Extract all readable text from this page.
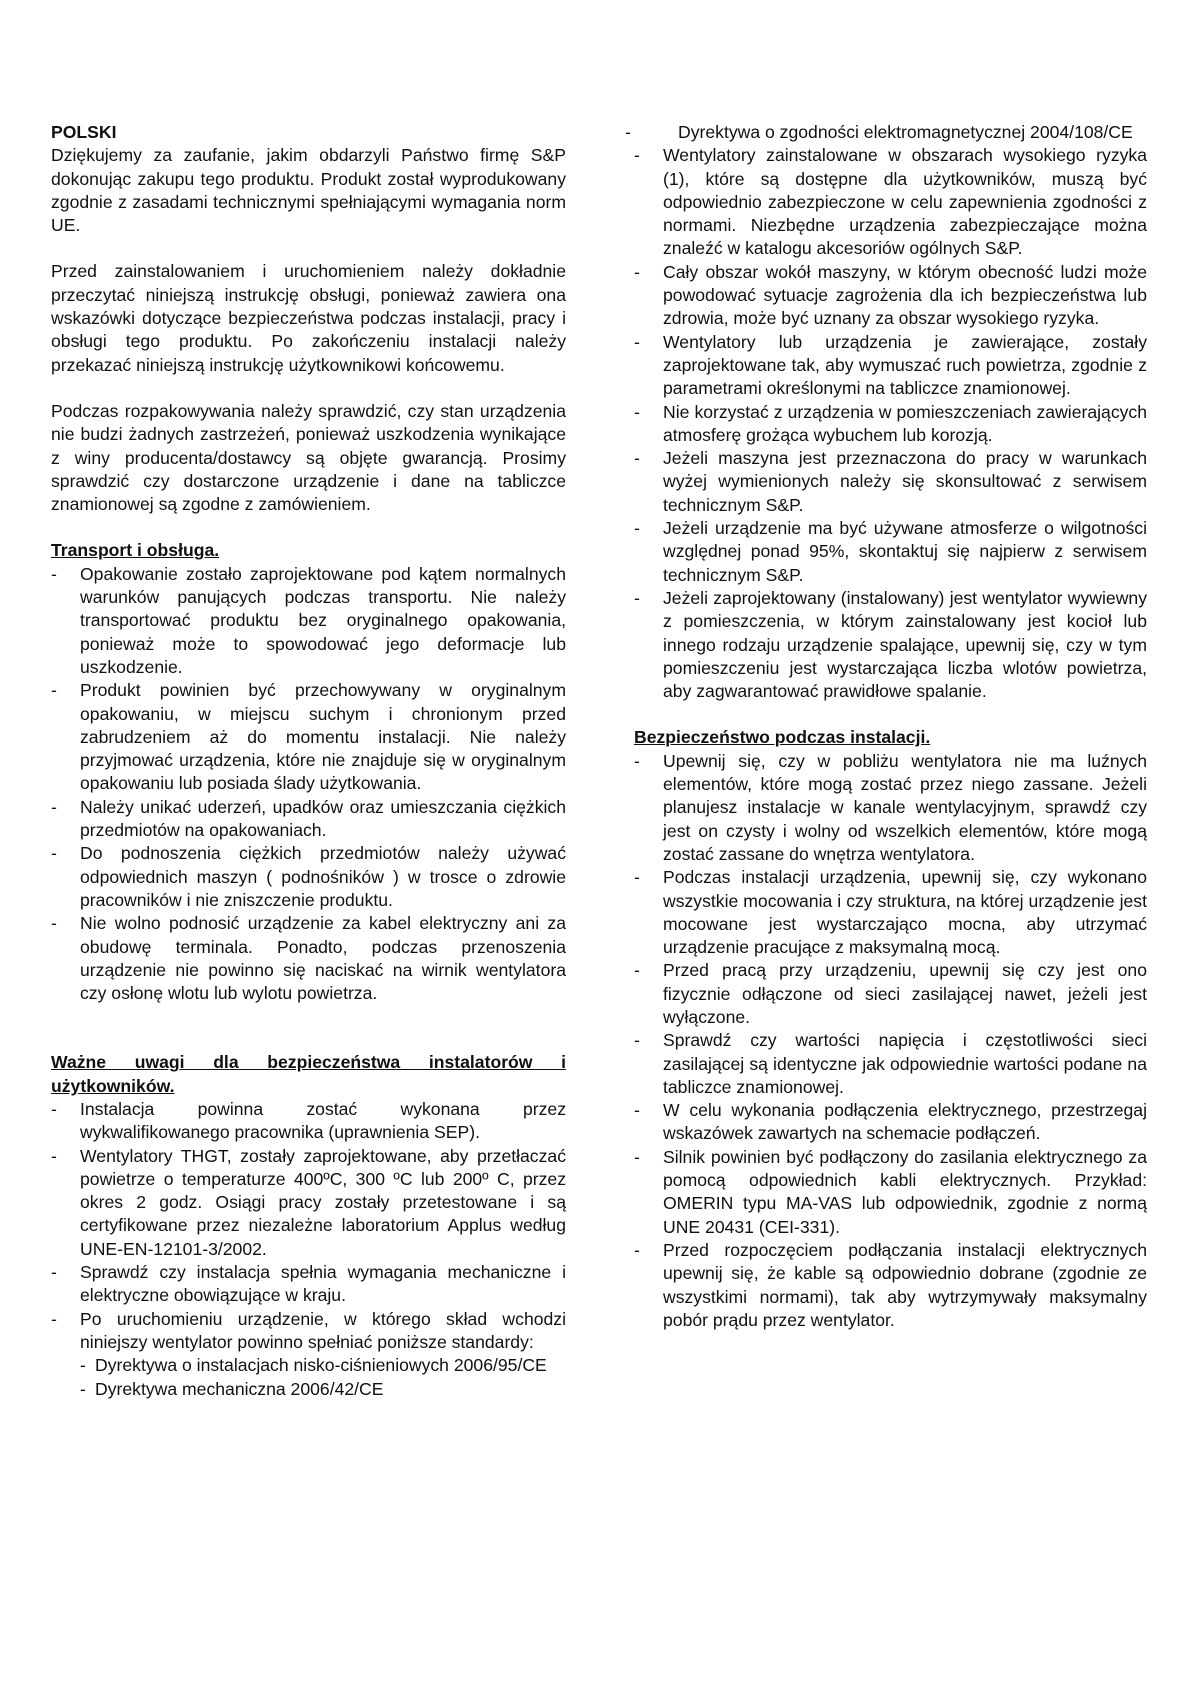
POLSKI

Dziękujemy za zaufanie, jakim obdarzyli Państwo firmę S&P dokonując zakupu tego produktu. Produkt został wyprodukowany zgodnie z zasadami technicznymi spełniającymi wymagania norm UE.

Przed zainstalowaniem i uruchomieniem należy dokładnie przeczytać niniejszą instrukcję obsługi, ponieważ zawiera ona wskazówki dotyczące bezpieczeństwa podczas instalacji, pracy i obsługi tego produktu. Po zakończeniu instalacji należy przekazać niniejszą instrukcję użytkownikowi końcowemu.

Podczas rozpakowywania należy sprawdzić, czy stan urządzenia nie budzi żadnych zastrzeżeń, ponieważ uszkodzenia wynikające z winy producenta/dostawcy są objęte gwarancją. Prosimy sprawdzić czy dostarczone urządzenie i dane na tabliczce znamionowej są zgodne z zamówieniem.

Transport i obsługa.

- Opakowanie zostało zaprojektowane pod kątem normalnych warunków panujących podczas transportu. Nie należy transportować produktu bez oryginalnego opakowania, ponieważ może to spowodować jego deformacje lub uszkodzenie.

- Produkt powinien być przechowywany w oryginalnym opakowaniu, w miejscu suchym i chronionym przed zabrudzeniem aż do momentu instalacji. Nie należy przyjmować urządzenia, które nie znajduje się w oryginalnym opakowaniu lub posiada ślady użytkowania.

- Należy unikać uderzeń, upadków oraz umieszczania ciężkich przedmiotów na opakowaniach.

- Do podnoszenia ciężkich przedmiotów należy używać odpowiednich maszyn ( podnośników ) w trosce o zdrowie pracowników i nie zniszczenie produktu.

- Nie wolno podnosić urządzenie za kabel elektryczny ani za obudowę terminala. Ponadto, podczas przenoszenia urządzenie nie powinno się naciskać na wirnik wentylatora czy osłonę wlotu lub wylotu powietrza.

Ważne uwagi dla bezpieczeństwa instalatorów i użytkowników.

- Instalacja powinna zostać wykonana przez wykwalifikowanego pracownika (uprawnienia SEP).

- Wentylatory THGT, zostały zaprojektowane, aby przetłaczać powietrze o temperaturze 400ºC, 300 ºC lub 200º C, przez okres 2 godz. Osiągi pracy zostały przetestowane i są certyfikowane przez niezależne laboratorium Applus według UNE-EN-12101-3/2002.

- Sprawdź czy instalacja spełnia wymagania mechaniczne i elektryczne obowiązujące w kraju.

- Po uruchomieniu urządzenie, w którego skład wchodzi niniejszy wentylator powinno spełniać poniższe standardy:

- Dyrektywa o instalacjach nisko-ciśnieniowych 2006/95/CE

- Dyrektywa mechaniczna 2006/42/CE

-	Dyrektywa o zgodności elektromagnetycznej 2004/108/CE

- Wentylatory zainstalowane w obszarach wysokiego ryzyka (1), które są dostępne dla użytkowników, muszą być odpowiednio zabezpieczone w celu zapewnienia zgodności z normami. Niezbędne urządzenia zabezpieczające można znaleźć w katalogu akcesoriów ogólnych S&P.

- Cały obszar wokół maszyny, w którym obecność ludzi może powodować sytuacje zagrożenia dla ich bezpieczeństwa lub zdrowia, może być uznany za obszar wysokiego ryzyka.

- Wentylatory lub urządzenia je zawierające, zostały zaprojektowane tak, aby wymuszać ruch powietrza, zgodnie z parametrami określonymi na tabliczce znamionowej.

- Nie korzystać z urządzenia w pomieszczeniach zawierających atmosferę grożąca wybuchem lub korozją.

- Jeżeli maszyna jest przeznaczona do pracy w warunkach wyżej wymienionych należy się skonsultować z serwisem technicznym S&P.

- Jeżeli urządzenie ma być używane atmosferze o wilgotności względnej ponad 95%, skontaktuj się najpierw z serwisem technicznym S&P.

- Jeżeli zaprojektowany (instalowany) jest wentylator wywiewny z pomieszczenia, w którym zainstalowany jest kocioł lub innego rodzaju urządzenie spalające, upewnij się, czy w tym pomieszczeniu jest wystarczająca liczba wlotów powietrza, aby zagwarantować prawidłowe spalanie.

Bezpieczeństwo podczas instalacji.

- Upewnij się, czy w pobliżu wentylatora nie ma luźnych elementów, które mogą zostać przez niego zassane. Jeżeli planujesz instalacje w kanale wentylacyjnym, sprawdź czy jest on czysty i wolny od wszelkich elementów, które mogą zostać zassane do wnętrza wentylatora.

- Podczas instalacji urządzenia, upewnij się, czy wykonano wszystkie mocowania i czy struktura, na której urządzenie jest mocowane jest wystarczająco mocna, aby utrzymać urządzenie pracujące z maksymalną mocą.

- Przed pracą przy urządzeniu, upewnij się czy jest ono fizycznie odłączone od sieci zasilającej nawet, jeżeli jest wyłączone.

- Sprawdź czy wartości napięcia i częstotliwości sieci zasilającej są identyczne jak odpowiednie wartości podane na tabliczce znamionowej.

- W celu wykonania podłączenia elektrycznego, przestrzegaj wskazówek zawartych na schemacie podłączeń.

- Silnik powinien być podłączony do zasilania elektrycznego za pomocą odpowiednich kabli elektrycznych. Przykład: OMERIN typu MA-VAS lub odpowiednik, zgodnie z normą UNE 20431 (CEI-331).

- Przed rozpoczęciem podłączania instalacji elektrycznych upewnij się, że kable są odpowiednio dobrane (zgodnie ze wszystkimi normami), tak aby wytrzymywały maksymalny pobór prądu przez wentylator.
